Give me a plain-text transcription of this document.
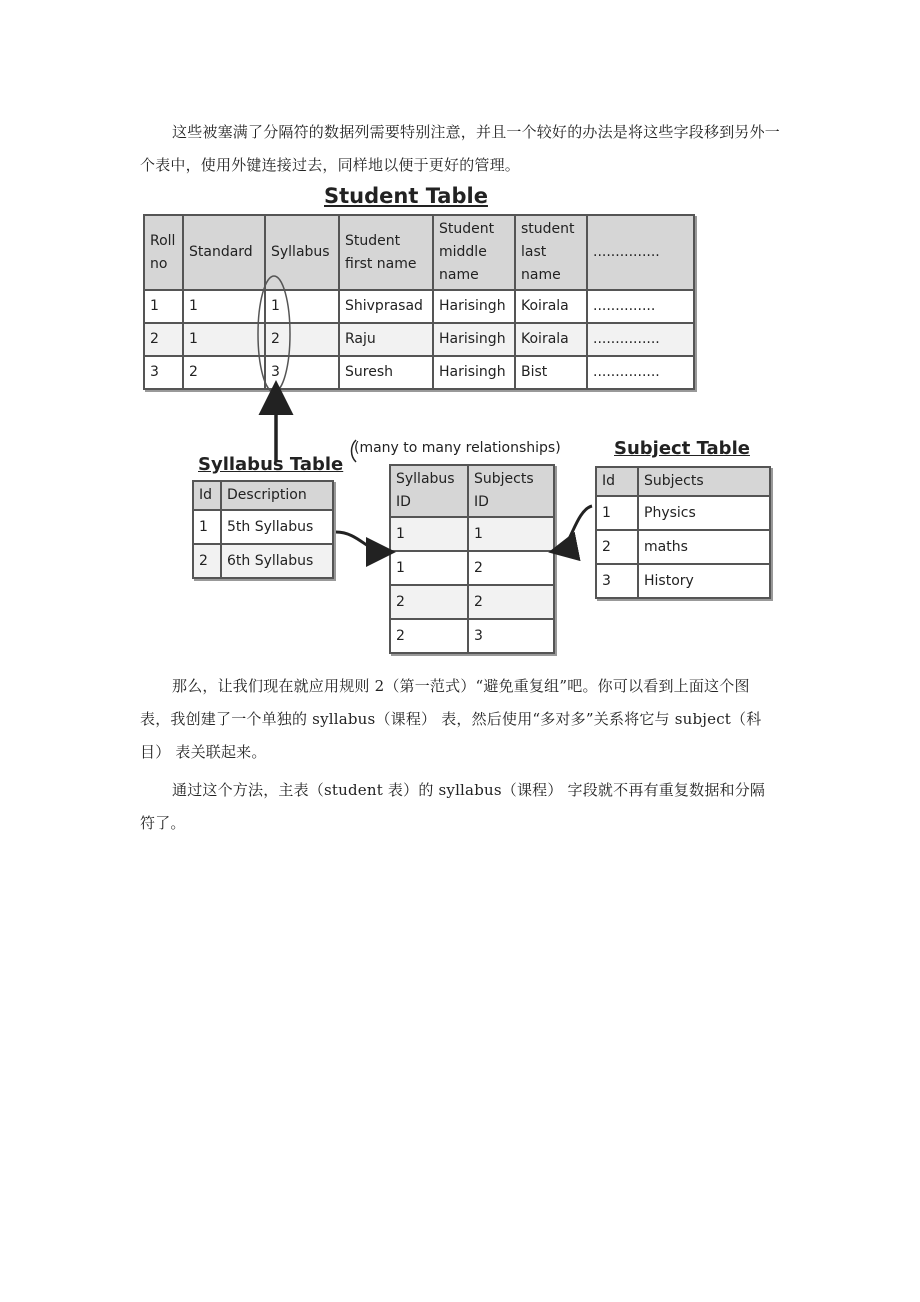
这些被塞满了分隔符的数据列需要特别注意，并且一个较好的办法是将这些字段移到另外一个表中，使用外键连接过去，同样地以便于更好的管理。

Student Table
Roll no	Standard	Syllabus	Student first name	Student middle name	student last name	...............
1	1	1	Shivprasad	Harisingh	Koirala	..............
2	1	2	Raju	Harisingh	Koirala	...............
3	2	3	Suresh	Harisingh	Bist	...............
Syllabus Table
Id	Description
1	5th Syllabus
2	6th Syllabus
(many to many relationships)
Syllabus ID	Subjects ID
1	1
1	2
2	2
2	3
Subject Table
Id	Subjects
1	Physics
2	maths
3	History

那么，让我们现在就应用规则 2（第一范式）“避免重复组”吧。你可以看到上面这个图表，我创建了一个单独的 syllabus（课程） 表，然后使用“多对多”关系将它与 subject（科目） 表关联起来。

通过这个方法，主表（student 表）的 syllabus（课程） 字段就不再有重复数据和分隔符了。
